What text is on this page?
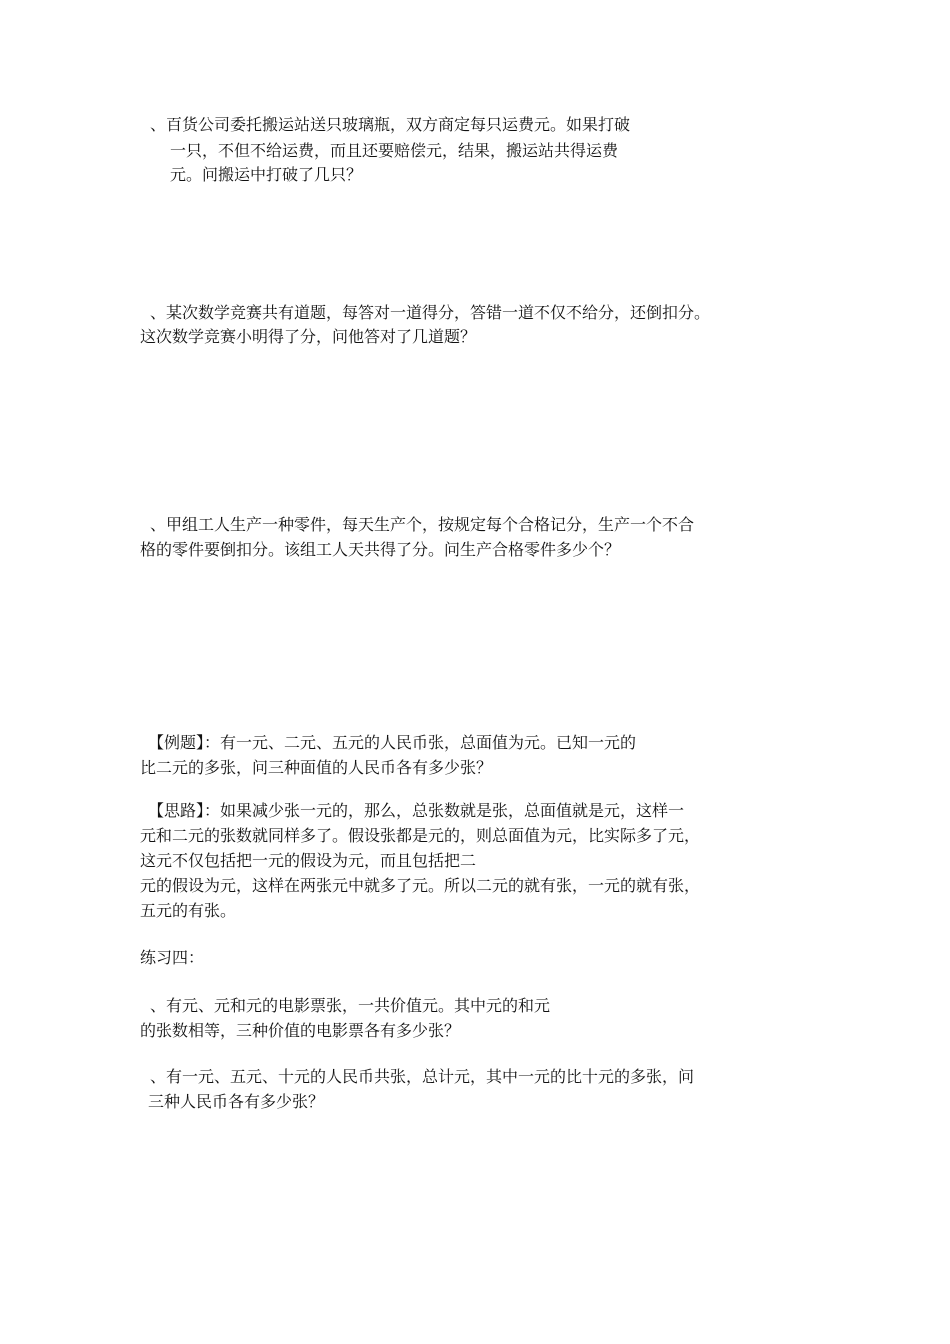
、百货公司委托搬运站送只玻璃瓶，双方商定每只运费元。如果打破
一只，不但不给运费，而且还要赔偿元，结果，搬运站共得运费
元。问搬运中打破了几只？
、某次数学竞赛共有道题，每答对一道得分，答错一道不仅不给分，还倒扣分。
这次数学竞赛小明得了分，问他答对了几道题？
、甲组工人生产一种零件，每天生产个，按规定每个合格记分，生产一个不合
格的零件要倒扣分。该组工人天共得了分。问生产合格零件多少个？
【例题】：有一元、二元、五元的人民币张，总面值为元。已知一元的
比二元的多张，问三种面值的人民币各有多少张？
【思路】：如果减少张一元的，那么，总张数就是张，总面值就是元，这样一
元和二元的张数就同样多了。假设张都是元的，则总面值为元，比实际多了元，
这元不仅包括把一元的假设为元，而且包括把二
元的假设为元，这样在两张元中就多了元。所以二元的就有张，一元的就有张，
五元的有张。
练习四：
、有元、元和元的电影票张，一共价值元。其中元的和元
的张数相等，三种价值的电影票各有多少张？
、有一元、五元、十元的人民币共张，总计元，其中一元的比十元的多张，问
三种人民币各有多少张？
